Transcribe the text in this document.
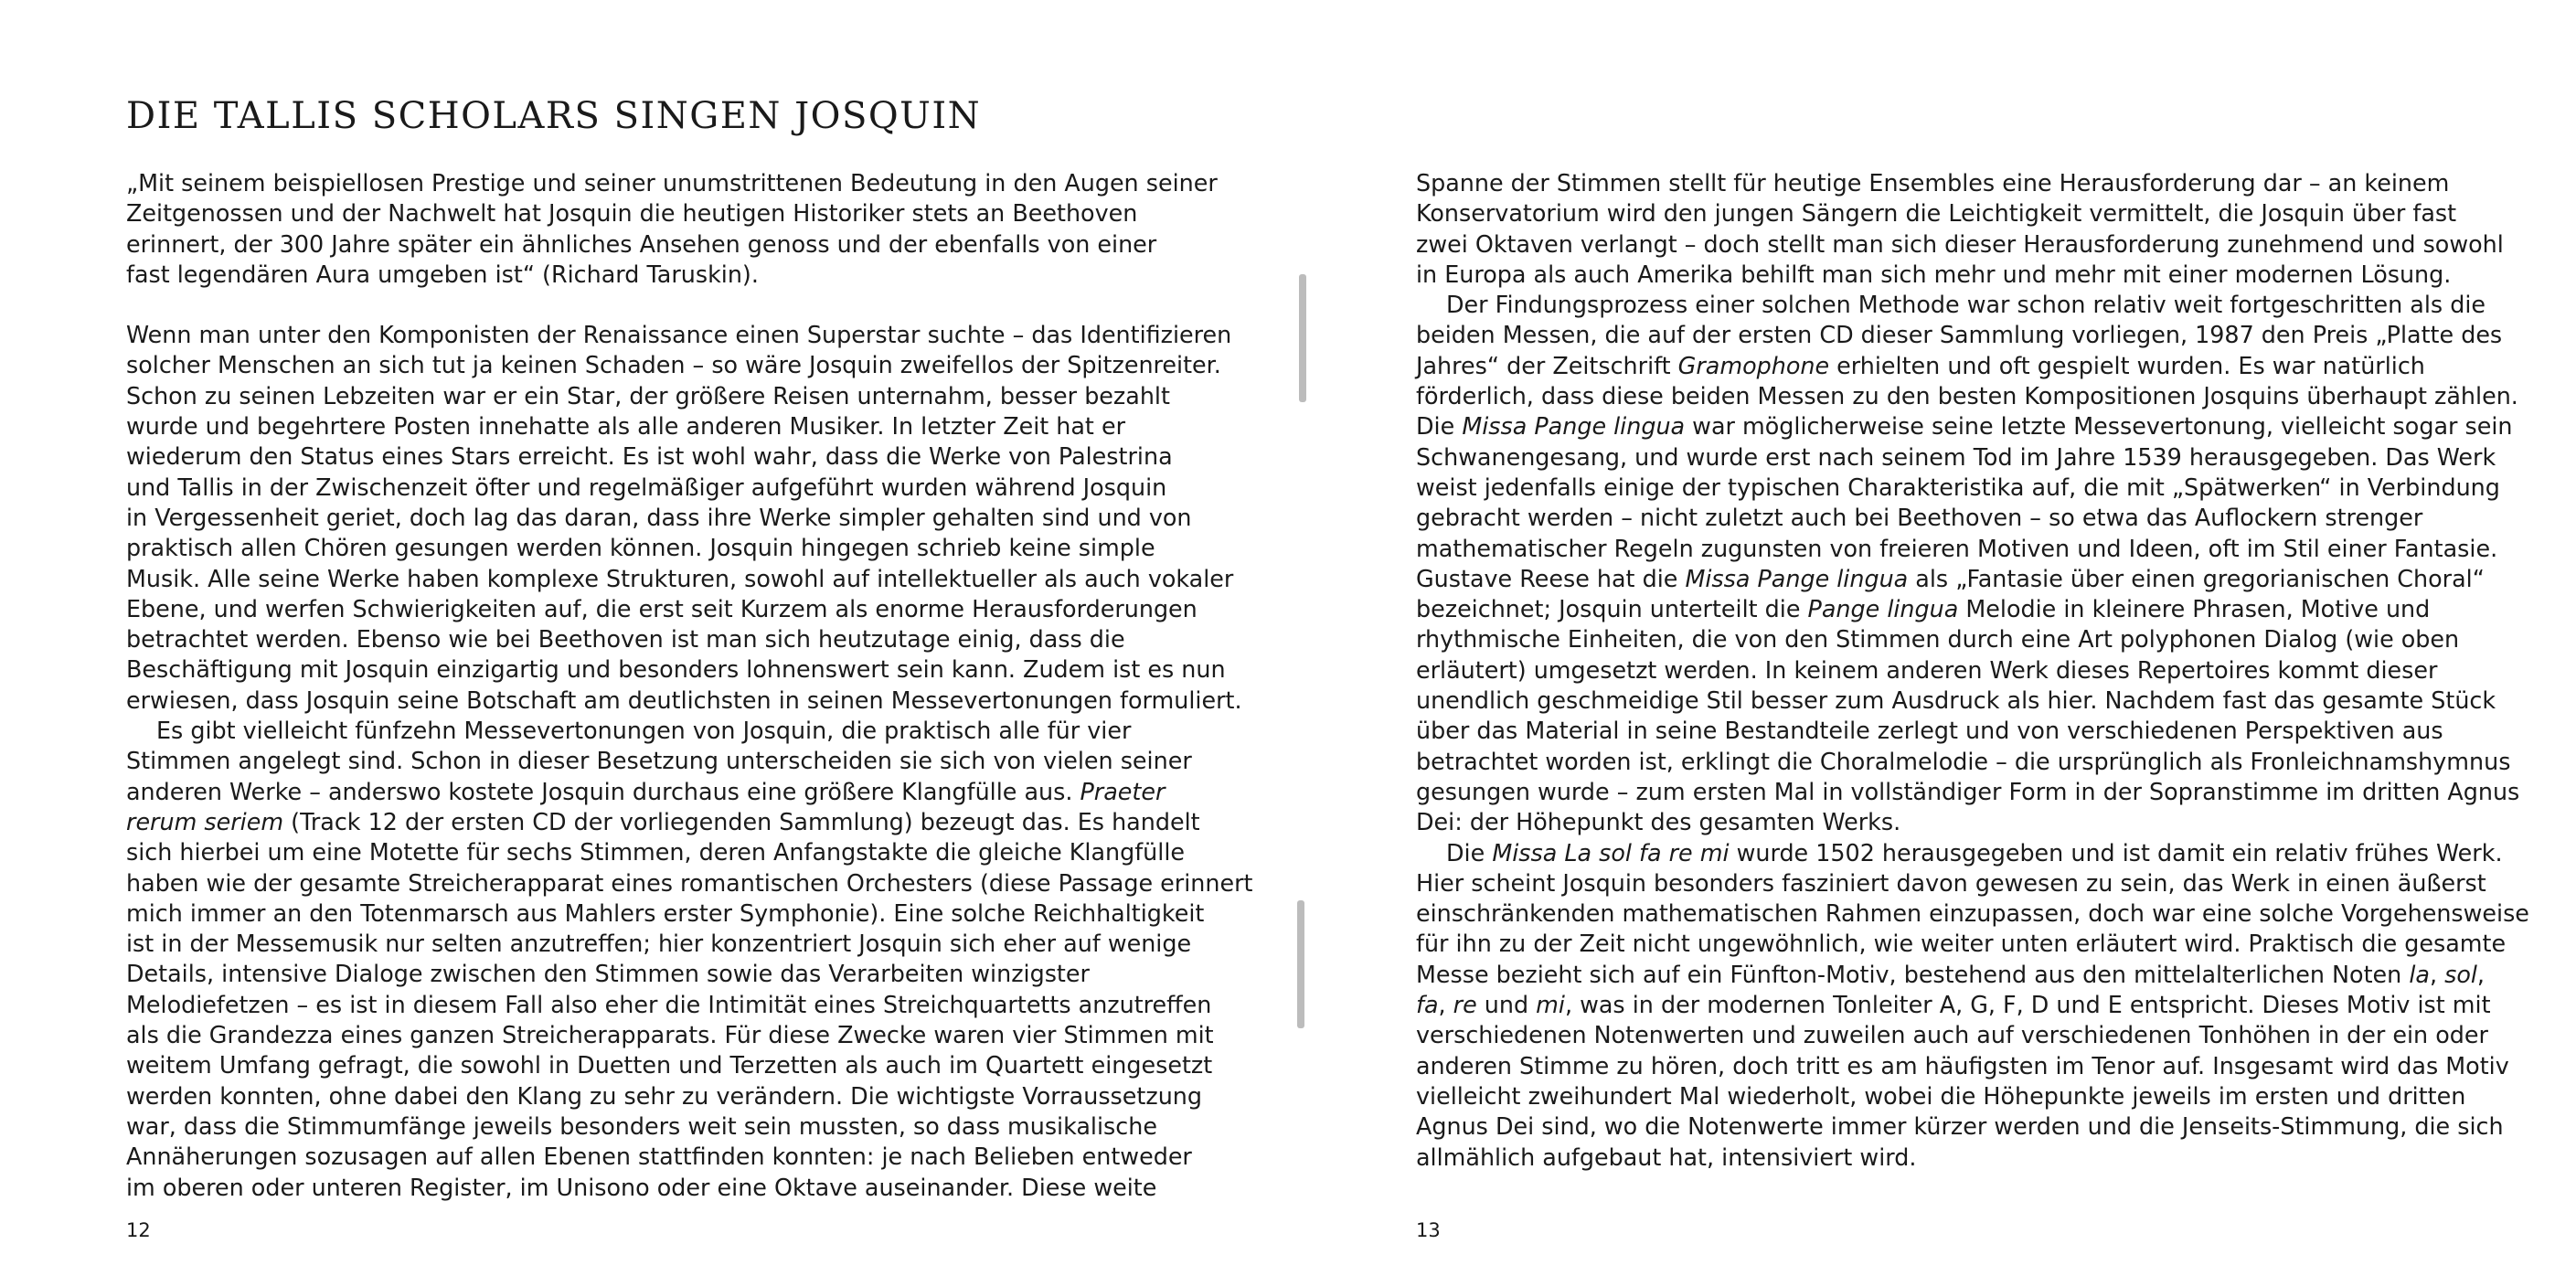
DIE TALLIS SCHOLARS SINGEN JOSQUIN

„Mit seinem beispiellosen Prestige und seiner unumstrittenen Bedeutung in den Augen seiner
Zeitgenossen und der Nachwelt hat Josquin die heutigen Historiker stets an Beethoven
erinnert, der 300 Jahre später ein ähnliches Ansehen genoss und der ebenfalls von einer
fast legendären Aura umgeben ist“ (Richard Taruskin).

Wenn man unter den Komponisten der Renaissance einen Superstar suchte – das Identifizieren
solcher Menschen an sich tut ja keinen Schaden – so wäre Josquin zweifellos der Spitzenreiter.
Schon zu seinen Lebzeiten war er ein Star, der größere Reisen unternahm, besser bezahlt
wurde und begehrtere Posten innehatte als alle anderen Musiker. In letzter Zeit hat er
wiederum den Status eines Stars erreicht. Es ist wohl wahr, dass die Werke von Palestrina
und Tallis in der Zwischenzeit öfter und regelmäßiger aufgeführt wurden während Josquin
in Vergessenheit geriet, doch lag das daran, dass ihre Werke simpler gehalten sind und von
praktisch allen Chören gesungen werden können. Josquin hingegen schrieb keine simple
Musik. Alle seine Werke haben komplexe Strukturen, sowohl auf intellektueller als auch vokaler
Ebene, und werfen Schwierigkeiten auf, die erst seit Kurzem als enorme Herausforderungen
betrachtet werden. Ebenso wie bei Beethoven ist man sich heutzutage einig, dass die
Beschäftigung mit Josquin einzigartig und besonders lohnenswert sein kann. Zudem ist es nun
erwiesen, dass Josquin seine Botschaft am deutlichsten in seinen Messevertonungen formuliert.

Es gibt vielleicht fünfzehn Messevertonungen von Josquin, die praktisch alle für vier
Stimmen angelegt sind. Schon in dieser Besetzung unterscheiden sie sich von vielen seiner
anderen Werke – anderswo kostete Josquin durchaus eine größere Klangfülle aus. Praeter
rerum seriem (Track 12 der ersten CD der vorliegenden Sammlung) bezeugt das. Es handelt
sich hierbei um eine Motette für sechs Stimmen, deren Anfangstakte die gleiche Klangfülle
haben wie der gesamte Streicherapparat eines romantischen Orchesters (diese Passage erinnert
mich immer an den Totenmarsch aus Mahlers erster Symphonie). Eine solche Reichhaltigkeit
ist in der Messemusik nur selten anzutreffen; hier konzentriert Josquin sich eher auf wenige
Details, intensive Dialoge zwischen den Stimmen sowie das Verarbeiten winzigster
Melodiefetzen – es ist in diesem Fall also eher die Intimität eines Streichquartetts anzutreffen
als die Grandezza eines ganzen Streicherapparats. Für diese Zwecke waren vier Stimmen mit
weitem Umfang gefragt, die sowohl in Duetten und Terzetten als auch im Quartett eingesetzt
werden konnten, ohne dabei den Klang zu sehr zu verändern. Die wichtigste Vorraussetzung
war, dass die Stimmumfänge jeweils besonders weit sein mussten, so dass musikalische
Annäherungen sozusagen auf allen Ebenen stattfinden konnten: je nach Belieben entweder
im oberen oder unteren Register, im Unisono oder eine Oktave auseinander. Diese weite

12

Spanne der Stimmen stellt für heutige Ensembles eine Herausforderung dar – an keinem
Konservatorium wird den jungen Sängern die Leichtigkeit vermittelt, die Josquin über fast
zwei Oktaven verlangt – doch stellt man sich dieser Herausforderung zunehmend und sowohl
in Europa als auch Amerika behilft man sich mehr und mehr mit einer modernen Lösung.

Der Findungsprozess einer solchen Methode war schon relativ weit fortgeschritten als die
beiden Messen, die auf der ersten CD dieser Sammlung vorliegen, 1987 den Preis „Platte des
Jahres“ der Zeitschrift Gramophone erhielten und oft gespielt wurden. Es war natürlich
förderlich, dass diese beiden Messen zu den besten Kompositionen Josquins überhaupt zählen.
Die Missa Pange lingua war möglicherweise seine letzte Messevertonung, vielleicht sogar sein
Schwanengesang, und wurde erst nach seinem Tod im Jahre 1539 herausgegeben. Das Werk
weist jedenfalls einige der typischen Charakteristika auf, die mit „Spätwerken“ in Verbindung
gebracht werden – nicht zuletzt auch bei Beethoven – so etwa das Auflockern strenger
mathematischer Regeln zugunsten von freieren Motiven und Ideen, oft im Stil einer Fantasie.
Gustave Reese hat die Missa Pange lingua als „Fantasie über einen gregorianischen Choral“
bezeichnet; Josquin unterteilt die Pange lingua Melodie in kleinere Phrasen, Motive und
rhythmische Einheiten, die von den Stimmen durch eine Art polyphonen Dialog (wie oben
erläutert) umgesetzt werden. In keinem anderen Werk dieses Repertoires kommt dieser
unendlich geschmeidige Stil besser zum Ausdruck als hier. Nachdem fast das gesamte Stück
über das Material in seine Bestandteile zerlegt und von verschiedenen Perspektiven aus
betrachtet worden ist, erklingt die Choralmelodie – die ursprünglich als Fronleichnamshymnus
gesungen wurde – zum ersten Mal in vollständiger Form in der Sopranstimme im dritten Agnus
Dei: der Höhepunkt des gesamten Werks.

Die Missa La sol fa re mi wurde 1502 herausgegeben und ist damit ein relativ frühes Werk.
Hier scheint Josquin besonders fasziniert davon gewesen zu sein, das Werk in einen äußerst
einschränkenden mathematischen Rahmen einzupassen, doch war eine solche Vorgehensweise
für ihn zu der Zeit nicht ungewöhnlich, wie weiter unten erläutert wird. Praktisch die gesamte
Messe bezieht sich auf ein Fünfton-Motiv, bestehend aus den mittelalterlichen Noten la, sol,
fa, re und mi, was in der modernen Tonleiter A, G, F, D und E entspricht. Dieses Motiv ist mit
verschiedenen Notenwerten und zuweilen auch auf verschiedenen Tonhöhen in der ein oder
anderen Stimme zu hören, doch tritt es am häufigsten im Tenor auf. Insgesamt wird das Motiv
vielleicht zweihundert Mal wiederholt, wobei die Höhepunkte jeweils im ersten und dritten
Agnus Dei sind, wo die Notenwerte immer kürzer werden und die Jenseits-Stimmung, die sich
allmählich aufgebaut hat, intensiviert wird.

13
